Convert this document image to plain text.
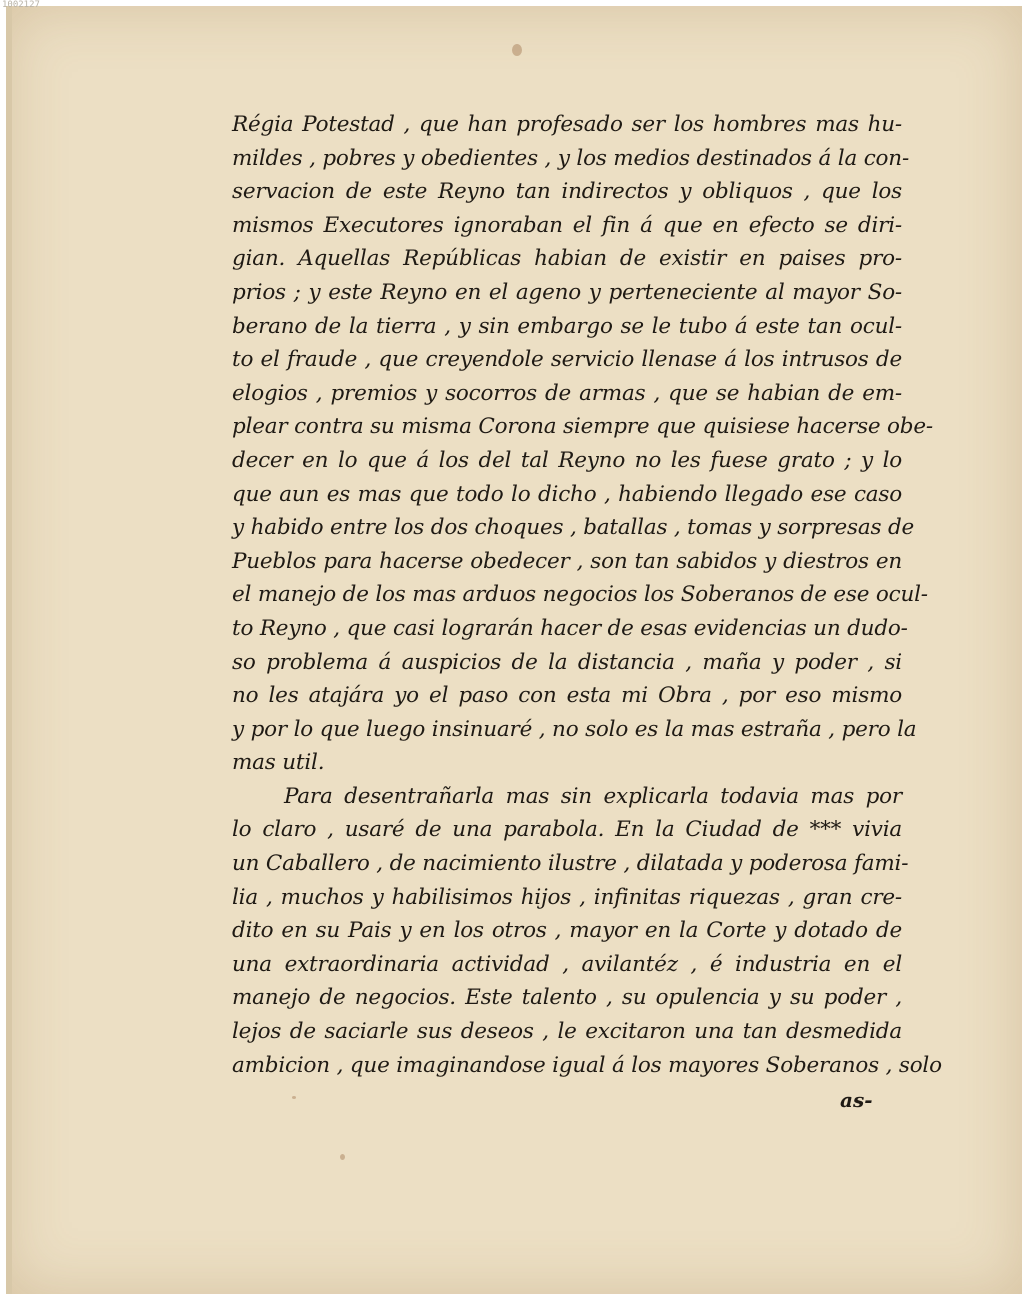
Régia Potestad , que han profesado ser los hombres mas hu-
mildes , pobres y obedientes , y los medios destinados á la con-
servacion de este Reyno tan indirectos y obliquos , que los
mismos Executores ignoraban el fin á que en efecto se diri-
gian. Aquellas Repúblicas habian de existir en paises pro-
prios ; y este Reyno en el ageno y perteneciente al mayor So-
berano de la tierra , y sin embargo se le tubo á este tan ocul-
to el fraude , que creyendole servicio llenase á los intrusos de
elogios , premios y socorros de armas , que se habian de em-
plear contra su misma Corona siempre que quisiese hacerse obe-
decer en lo que á los del tal Reyno no les fuese grato ; y lo
que aun es mas que todo lo dicho , habiendo llegado ese caso
y habido entre los dos choques , batallas , tomas y sorpresas de
Pueblos para hacerse obedecer , son tan sabidos y diestros en
el manejo de los mas arduos negocios los Soberanos de ese ocul-
to Reyno , que casi lograrán hacer de esas evidencias un dudo-
so problema á auspicios de la distancia , maña y poder , si
no les atajára yo el paso con esta mi Obra , por eso mismo
y por lo que luego insinuaré , no solo es la mas estraña , pero la
mas util.
Para desentrañarla mas sin explicarla todavia mas por
lo claro , usaré de una parabola. En la Ciudad de *** vivia
un Caballero , de nacimiento ilustre , dilatada y poderosa fami-
lia , muchos y habilisimos hijos , infinitas riquezas , gran cre-
dito en su Pais y en los otros , mayor en la Corte y dotado de
una extraordinaria actividad , avilantéz , é industria en el
manejo de negocios. Este talento , su opulencia y su poder ,
lejos de saciarle sus deseos , le excitaron una tan desmedida
ambicion , que imaginandose igual á los mayores Soberanos , solo
as-
1002127
